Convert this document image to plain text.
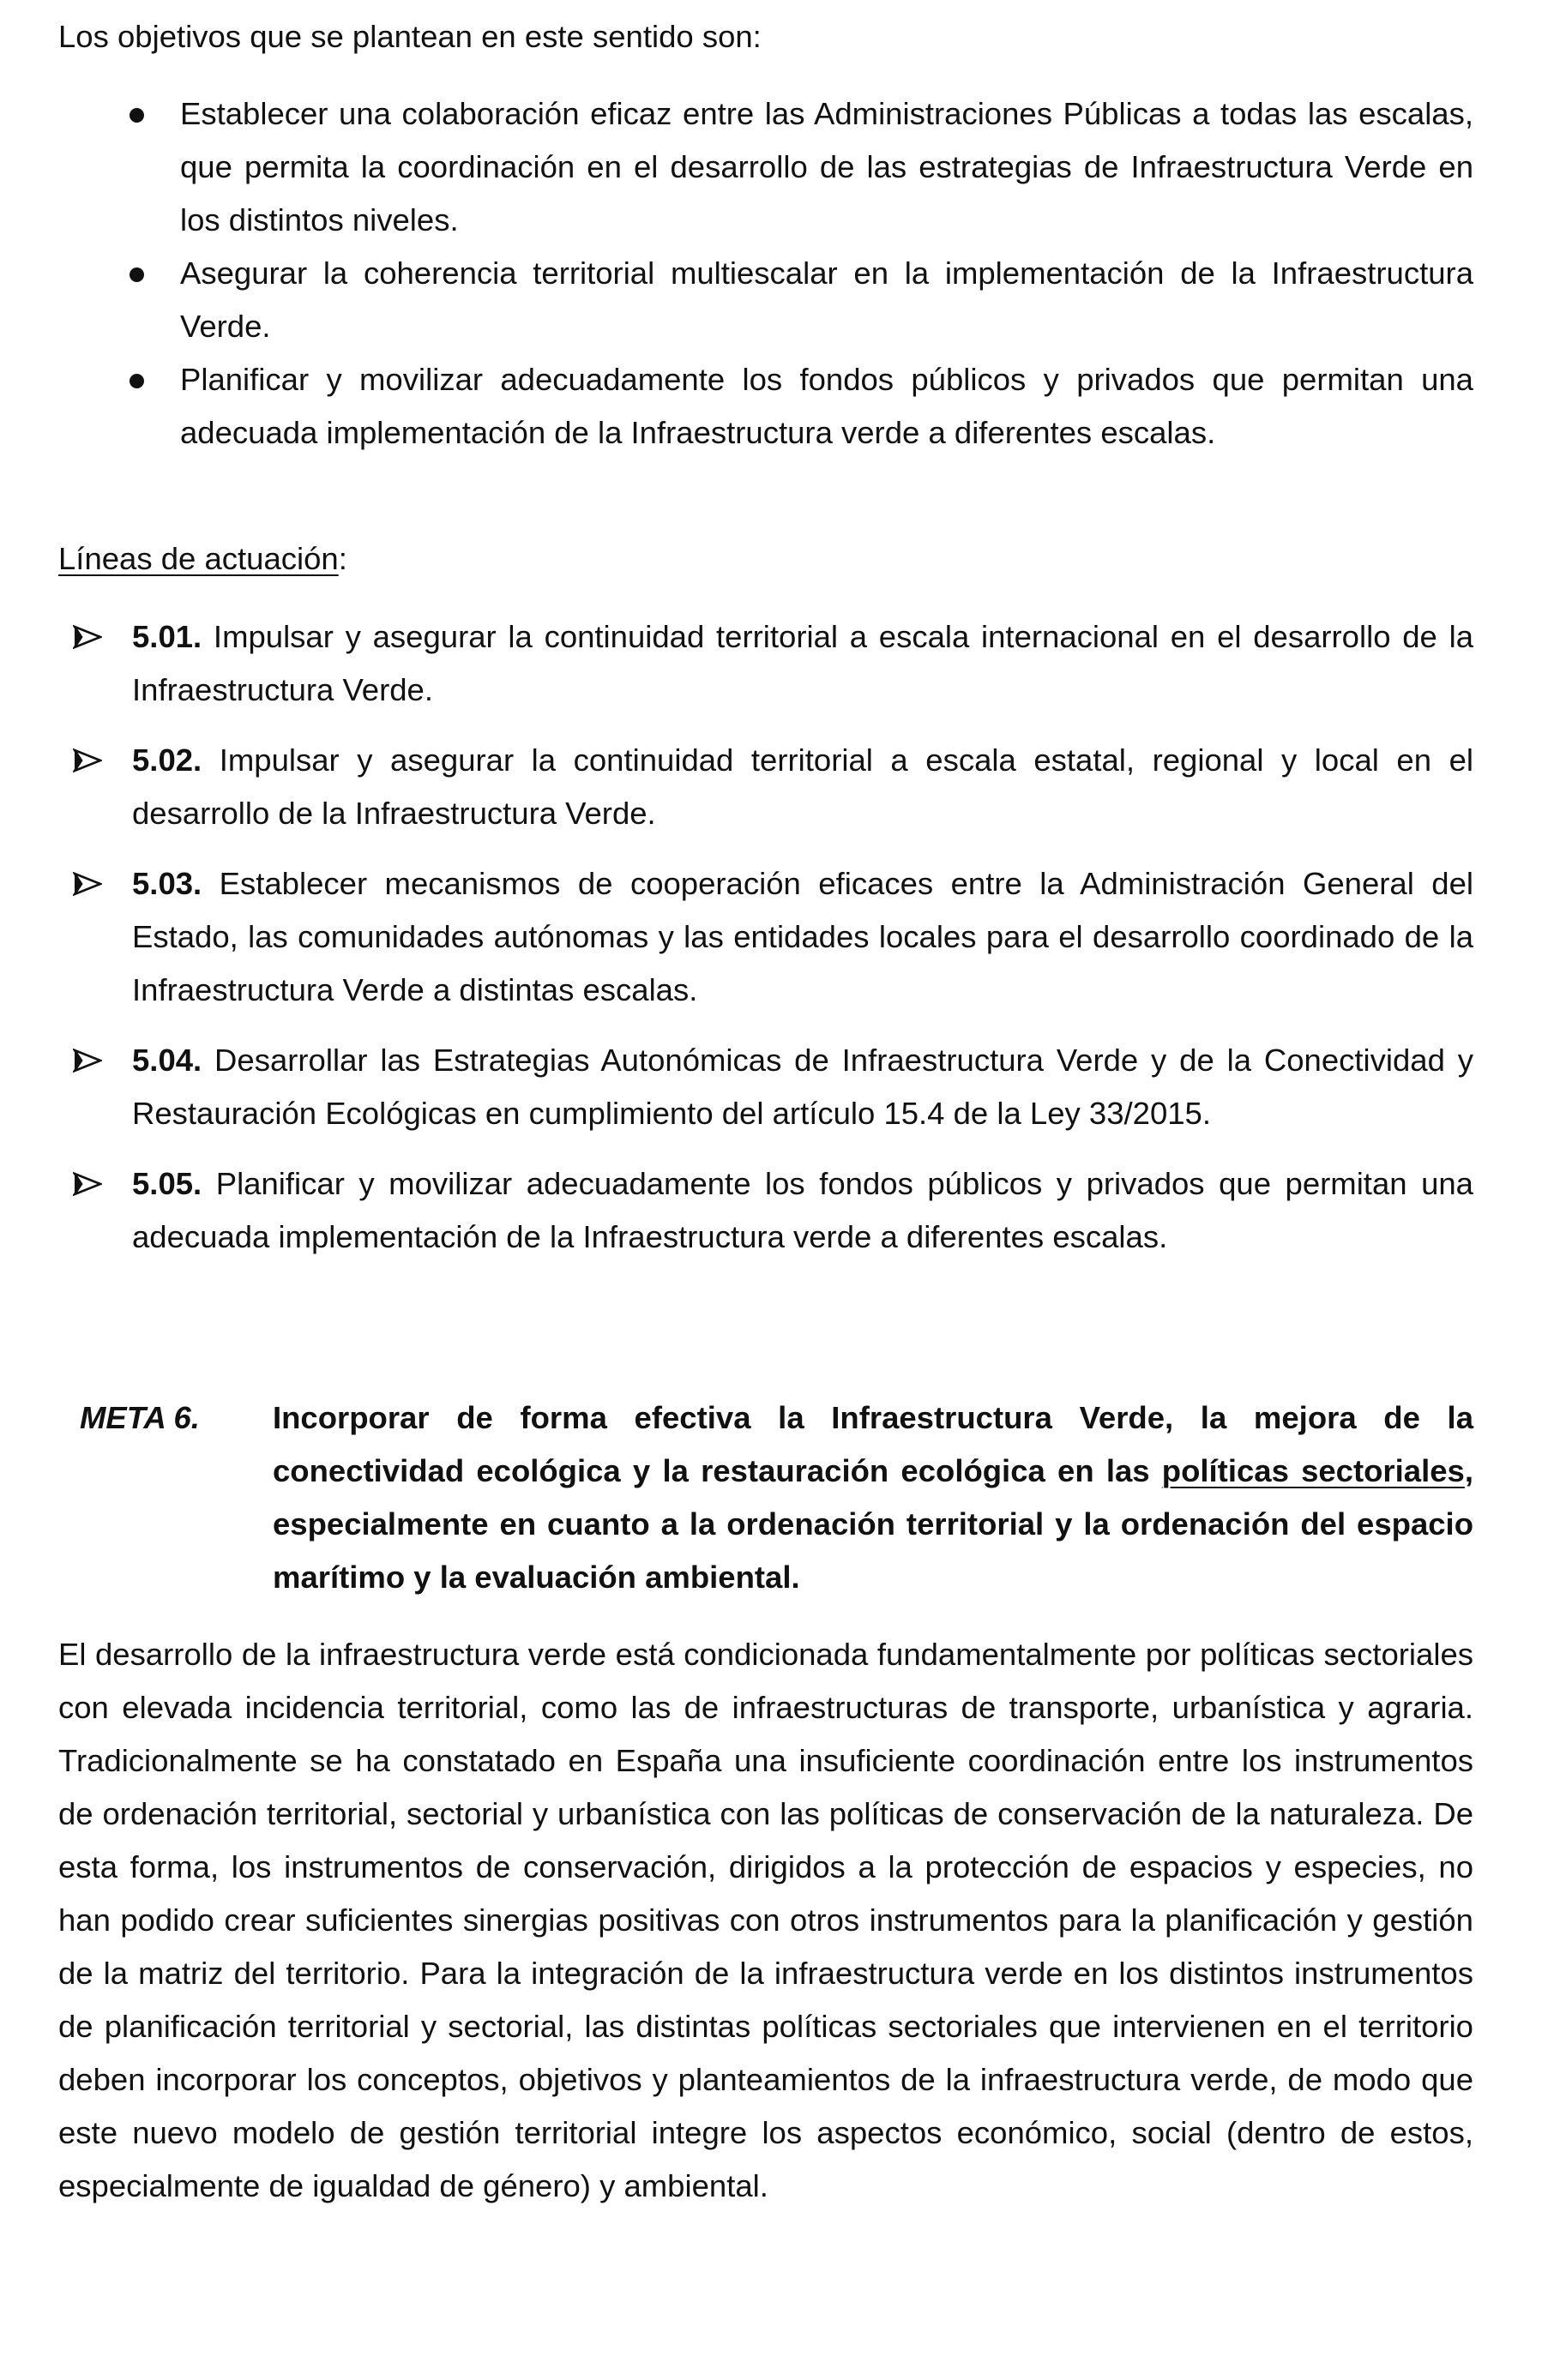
Los objetivos que se plantean en este sentido son:
Establecer una colaboración eficaz entre las Administraciones Públicas a todas las escalas, que permita la coordinación en el desarrollo de las estrategias de Infraestructura Verde en los distintos niveles.
Asegurar la coherencia territorial multiescalar en la implementación de la Infraestructura Verde.
Planificar y movilizar adecuadamente los fondos públicos y privados que permitan una adecuada implementación de la Infraestructura verde a diferentes escalas.
Líneas de actuación:
5.01. Impulsar y asegurar la continuidad territorial a escala internacional en el desarrollo de la Infraestructura Verde.
5.02. Impulsar y asegurar la continuidad territorial a escala estatal, regional y local en el desarrollo de la Infraestructura Verde.
5.03. Establecer mecanismos de cooperación eficaces entre la Administración General del Estado, las comunidades autónomas y las entidades locales para el desarrollo coordinado de la Infraestructura Verde a distintas escalas.
5.04. Desarrollar las Estrategias Autonómicas de Infraestructura Verde y de la Conectividad y Restauración Ecológicas en cumplimiento del artículo 15.4 de la Ley 33/2015.
5.05. Planificar y movilizar adecuadamente los fondos públicos y privados que permitan una adecuada implementación de la Infraestructura verde a diferentes escalas.
META 6. Incorporar de forma efectiva la Infraestructura Verde, la mejora de la conectividad ecológica y la restauración ecológica en las políticas sectoriales, especialmente en cuanto a la ordenación territorial y la ordenación del espacio marítimo y la evaluación ambiental.
El desarrollo de la infraestructura verde está condicionada fundamentalmente por políticas sectoriales con elevada incidencia territorial, como las de infraestructuras de transporte, urbanística y agraria. Tradicionalmente se ha constatado en España una insuficiente coordinación entre los instrumentos de ordenación territorial, sectorial y urbanística con las políticas de conservación de la naturaleza. De esta forma, los instrumentos de conservación, dirigidos a la protección de espacios y especies, no han podido crear suficientes sinergias positivas con otros instrumentos para la planificación y gestión de la matriz del territorio. Para la integración de la infraestructura verde en los distintos instrumentos de planificación territorial y sectorial, las distintas políticas sectoriales que intervienen en el territorio deben incorporar los conceptos, objetivos y planteamientos de la infraestructura verde, de modo que este nuevo modelo de gestión territorial integre los aspectos económico, social (dentro de estos, especialmente de igualdad de género) y ambiental.
